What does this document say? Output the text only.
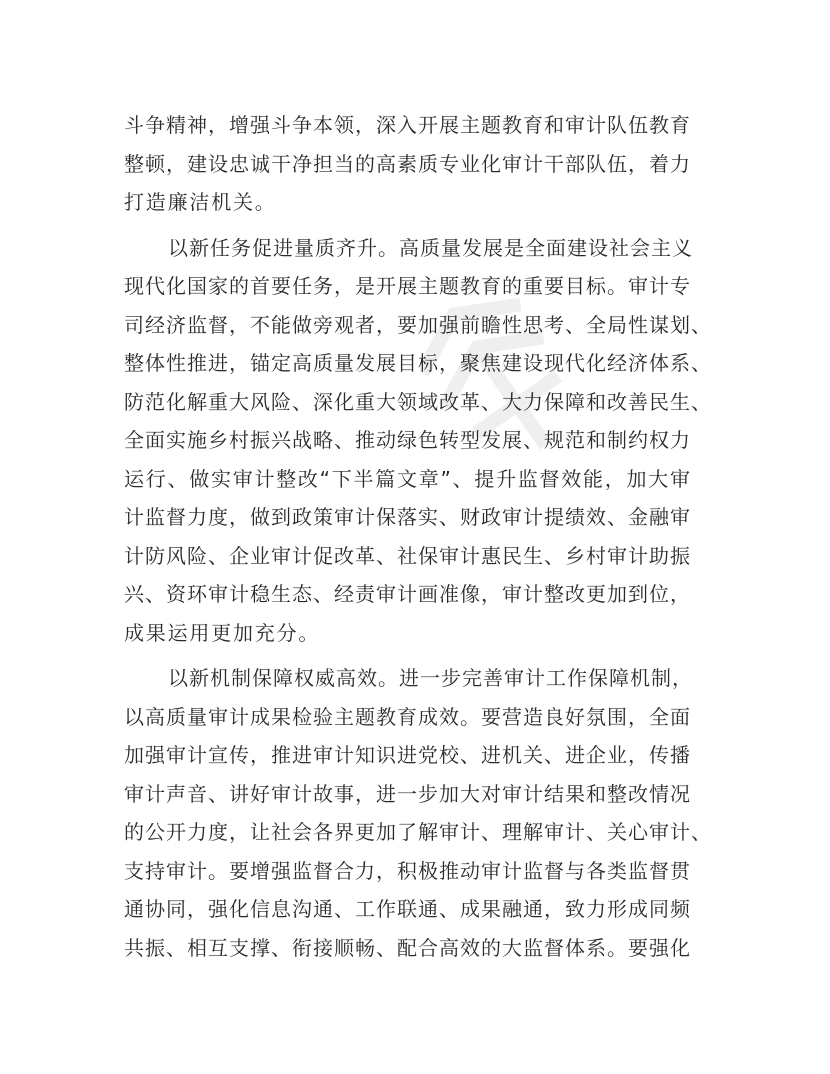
斗争精神，增强斗争本领，深入开展主题教育和审计队伍教育
整顿，建设忠诚干净担当的高素质专业化审计干部队伍，着力
打造廉洁机关。
以新任务促进量质齐升。高质量发展是全面建设社会主义
现代化国家的首要任务，是开展主题教育的重要目标。审计专
司经济监督，不能做旁观者，要加强前瞻性思考、全局性谋划、
整体性推进，锚定高质量发展目标，聚焦建设现代化经济体系、
防范化解重大风险、深化重大领域改革、大力保障和改善民生、
全面实施乡村振兴战略、推动绿色转型发展、规范和制约权力
运行、做实审计整改“下半篇文章”、提升监督效能，加大审
计监督力度，做到政策审计保落实、财政审计提绩效、金融审
计防风险、企业审计促改革、社保审计惠民生、乡村审计助振
兴、资环审计稳生态、经责审计画准像，审计整改更加到位，
成果运用更加充分。
以新机制保障权威高效。进一步完善审计工作保障机制，
以高质量审计成果检验主题教育成效。要营造良好氛围，全面
加强审计宣传，推进审计知识进党校、进机关、进企业，传播
审计声音、讲好审计故事，进一步加大对审计结果和整改情况
的公开力度，让社会各界更加了解审计、理解审计、关心审计、
支持审计。要增强监督合力，积极推动审计监督与各类监督贯
通协同，强化信息沟通、工作联通、成果融通，致力形成同频
共振、相互支撑、衔接顺畅、配合高效的大监督体系。要强化
